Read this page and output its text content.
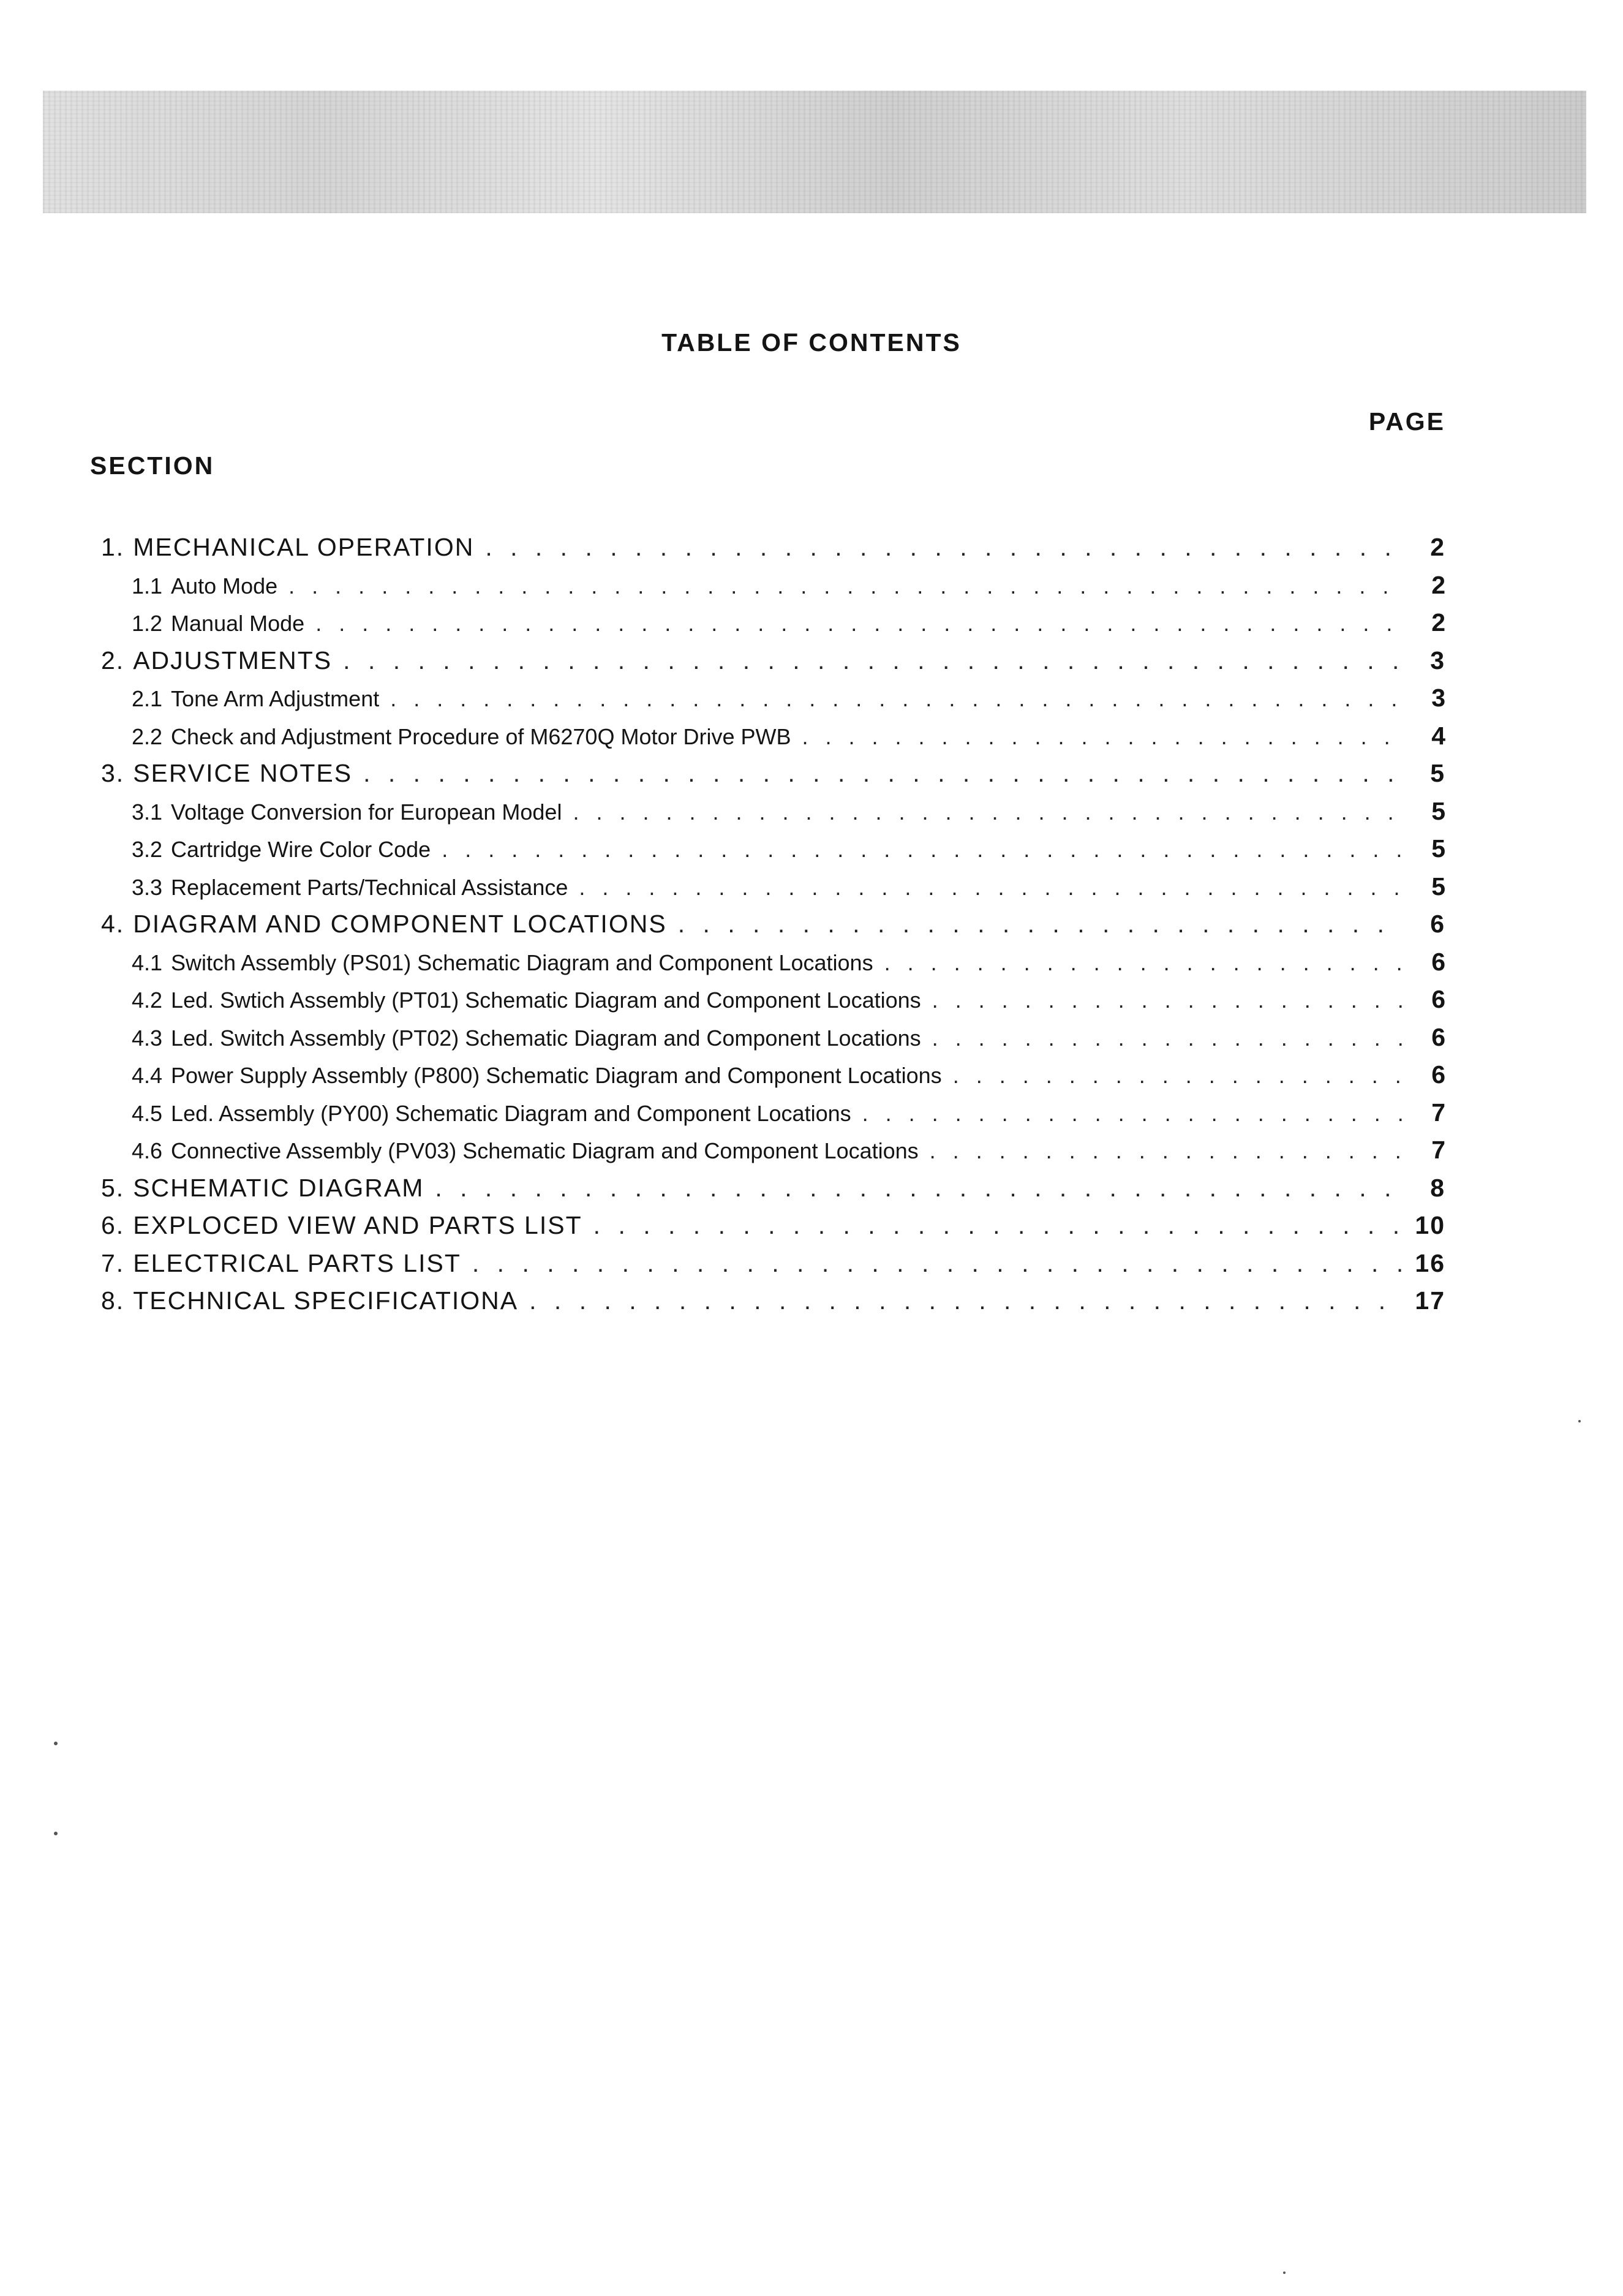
TABLE OF CONTENTS
PAGE
SECTION
1. MECHANICAL OPERATION . . .	2
1.1 Auto Mode . . .	2
1.2 Manual Mode . . .	2
2. ADJUSTMENTS . . .	3
2.1 Tone Arm Adjustment . . .	3
2.2 Check and Adjustment Procedure of M6270Q Motor Drive PWB . . .	4
3. SERVICE NOTES . . .	5
3.1 Voltage Conversion for European Model . . .	5
3.2 Cartridge Wire Color Code . . .	5
3.3 Replacement Parts/Technical Assistance . . .	5
4. DIAGRAM AND COMPONENT LOCATIONS . . .	6
4.1 Switch Assembly (PS01) Schematic Diagram and Component Locations . . .	6
4.2 Led. Swtich Assembly (PT01) Schematic Diagram and Component Locations . . .	6
4.3 Led. Switch Assembly (PT02) Schematic Diagram and Component Locations . . .	6
4.4 Power Supply Assembly (P800) Schematic Diagram and Component Locations . . .	6
4.5 Led. Assembly (PY00) Schematic Diagram and Component Locations . . .	7
4.6 Connective Assembly (PV03) Schematic Diagram and Component Locations . . .	7
5. SCHEMATIC DIAGRAM . . .	8
6. EXPLOCED VIEW AND PARTS LIST . . .	10
7. ELECTRICAL PARTS LIST . . .	16
8. TECHNICAL SPECIFICATIONA . . .	17
